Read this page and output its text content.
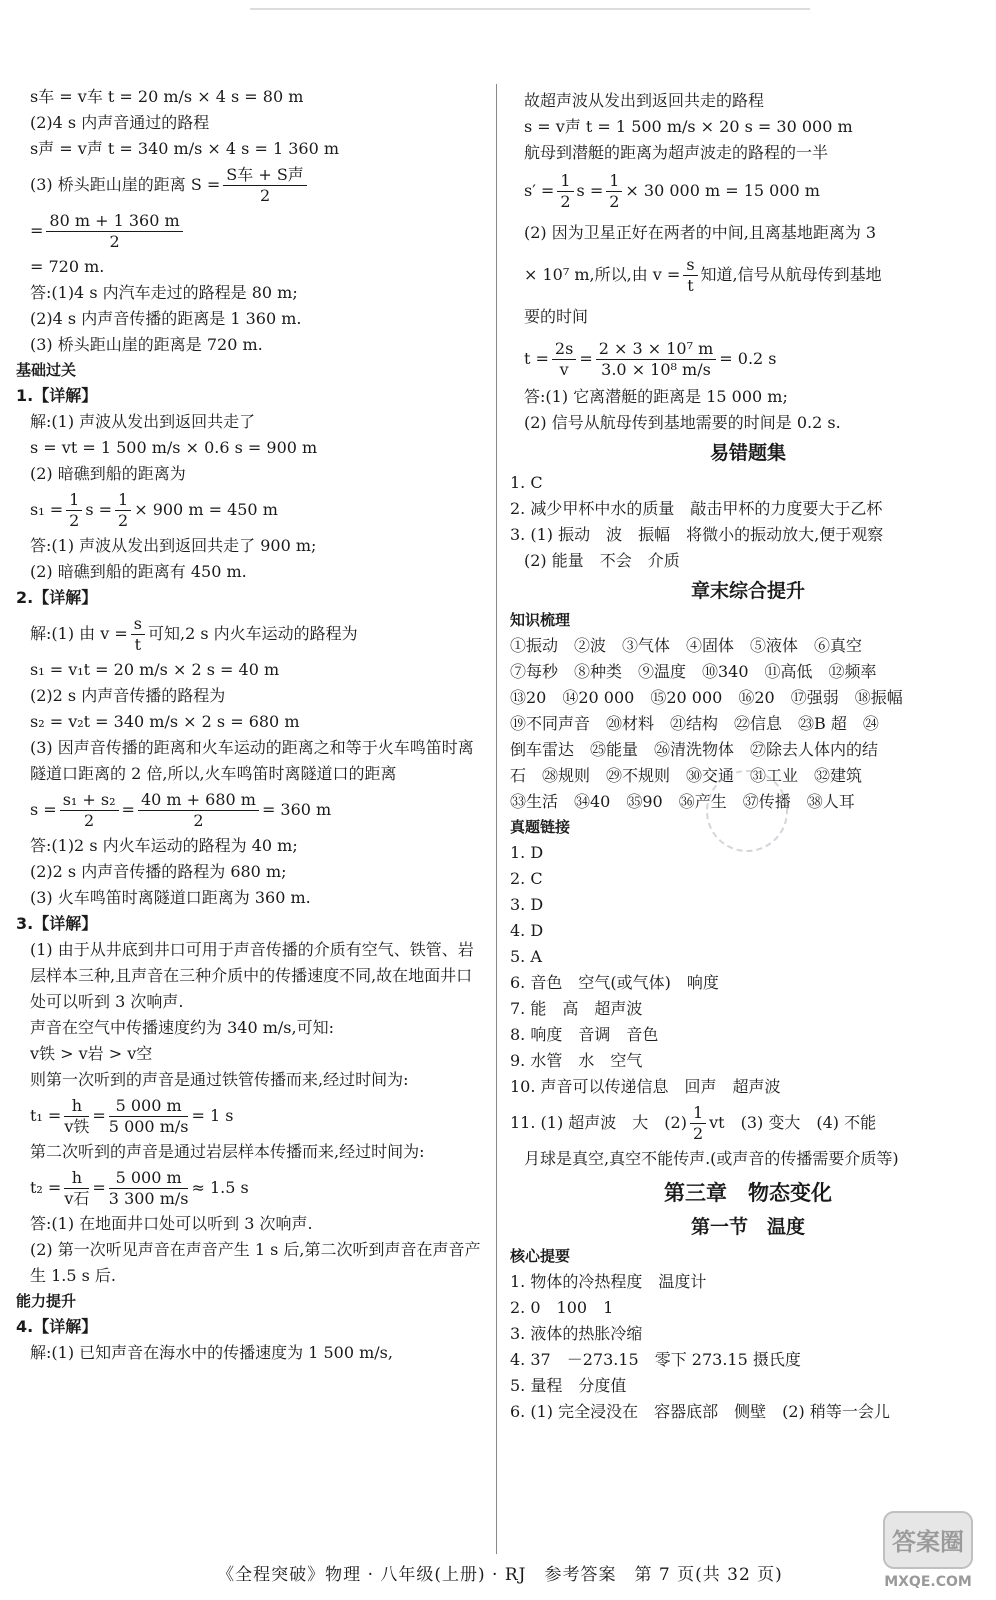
s车 = v车 t = 20 m/s × 4 s = 80 m
(2)4 s 内声音通过的路程
s声 = v声 t = 340 m/s × 4 s = 1 360 m
(3) 桥头距山崖的距离 $S = \frac{\text{S车 + S声}}{2}$
= $\frac{80 m + 1 360 m}{2}$
= 720 m.
答:(1)4 s 内汽车走过的路程是 80 m;
(2)4 s 内声音传播的距离是 1 360 m.
(3) 桥头距山崖的距离是 720 m.
基础过关
1.【详解】
解:(1) 声波从发出到返回共走了
s = vt = 1 500 m/s × 0.6 s = 900 m
(2) 暗礁到船的距离为
$s_1 = \frac{1}{2}$ $s = \frac{1}{2} \times 900$ m = 450 m
答:(1) 声波从发出到返回共走了 900 m;
(2) 暗礁到船的距离有 450 m.
2.【详解】
解:(1) 由 $v = \frac{s}{t}$ 可知,2 s 内火车运动的路程为
s₁ = v₁t = 20 m/s × 2 s = 40 m
(2)2 s 内声音传播的路程为
s₂ = v₂t = 340 m/s × 2 s = 680 m
(3) 因声音传播的距离和火车运动的距离之和等于火车鸣笛时离隧道口距离的 2 倍,所以,火车鸣笛时离隧道口的距离
$s = \frac{\text{s₁ + s₂}}{2} = \frac{40 m + 680 m}{2} = 360$ m
答:(1)2 s 内火车运动的路程为 40 m;
(2)2 s 内声音传播的路程为 680 m;
(3) 火车鸣笛时离隧道口距离为 360 m.
3.【详解】
(1) 由于从井底到井口可用于声音传播的介质有空气、铁管、岩层样本三种,且声音在三种介质中的传播速度不同,故在地面井口处可以听到 3 次响声.
声音在空气中传播速度约为 340 m/s,可知:
v铁 > v岩 > v空
则第一次听到的声音是通过铁管传播而来,经过时间为:
$t_1 = \frac{h}{\text{v铁}} = \frac{5 000 m}{5 000 m/s} = 1$ s
第二次听到的声音是通过岩层样本传播而来,经过时间为:
$t_2 = \frac{h}{\text{v石}} = \frac{5 000 m}{3 300 m/s} \approx 1.5$ s
答:(1) 在地面井口处可以听到 3 次响声.
(2) 第一次听见声音在声音产生 1 s 后,第二次听到声音在声音产生 1.5 s 后.
能力提升
4.【详解】
解:(1) 已知声音在海水中的传播速度为 1 500 m/s,
故超声波从发出到返回共走的路程
s = v声 t = 1 500 m/s × 20 s = 30 000 m
航母到潜艇的距离为超声波走的路程的一半
$s' = \frac{1}{2}$ $s = \frac{1}{2} \times 30$ 000 m = 15 000 m
(2) 因为卫星正好在两者的中间,且离基地距离为 3
× 10⁷ m,所以,由 $v = \frac{s}{t}$ 知道,信号从航母传到基地
要的时间
$t = \frac{2s}{v} = \frac{\text{2 × 3 × 10⁷ m}}{\text{3.0 × 10⁸ m/s}} = 0.2$ s
答:(1) 它离潜艇的距离是 15 000 m;
(2) 信号从航母传到基地需要的时间是 0.2 s.
易错题集
1. C
2. 减少甲杯中水的质量　敲击甲杯的力度要大于乙杯
3. (1) 振动　波　振幅　将微小的振动放大,便于观察
(2) 能量　不会　介质
章末综合提升
知识梳理
①振动　②波　③气体　④固体　⑤液体　⑥真空
⑦每秒　⑧种类　⑨温度　⑩340　⑪高低　⑫频率
⑬20　⑭20 000　⑮20 000　⑯20　⑰强弱　⑱振幅
⑲不同声音　⑳材料　㉑结构　㉒信息　㉓B 超　㉔
倒车雷达　㉕能量　㉖清洗物体　㉗除去人体内的结
石　㉘规则　㉙不规则　㉚交通　㉛工业　㉜建筑
㉝生活　㉞40　㉟90　㊱产生　㊲传播　㊳人耳
真题链接
1. D
2. C
3. D
4. D
5. A
6. 音色　空气(或气体)　响度
7. 能　高　超声波
8. 响度　音调　音色
9. 水管　水　空气
10. 声音可以传递信息　回声　超声波
11. (1) 超声波　大　$(2) \frac{1}{2}$ vt　(3) 变大　(4) 不能
月球是真空,真空不能传声.(或声音的传播需要介质等)
第三章　物态变化
第一节　温度
核心提要
1. 物体的冷热程度　温度计
2. 0　100　1
3. 液体的热胀冷缩
4. 37　－273.15　零下 273.15 摄氏度
5. 量程　分度值
6. (1) 完全浸没在　容器底部　侧壁　(2) 稍等一会儿
《全程突破》物理 · 八年级(上册) · RJ　参考答案　第 7 页(共 32 页)
答案圈
MXQE.COM
